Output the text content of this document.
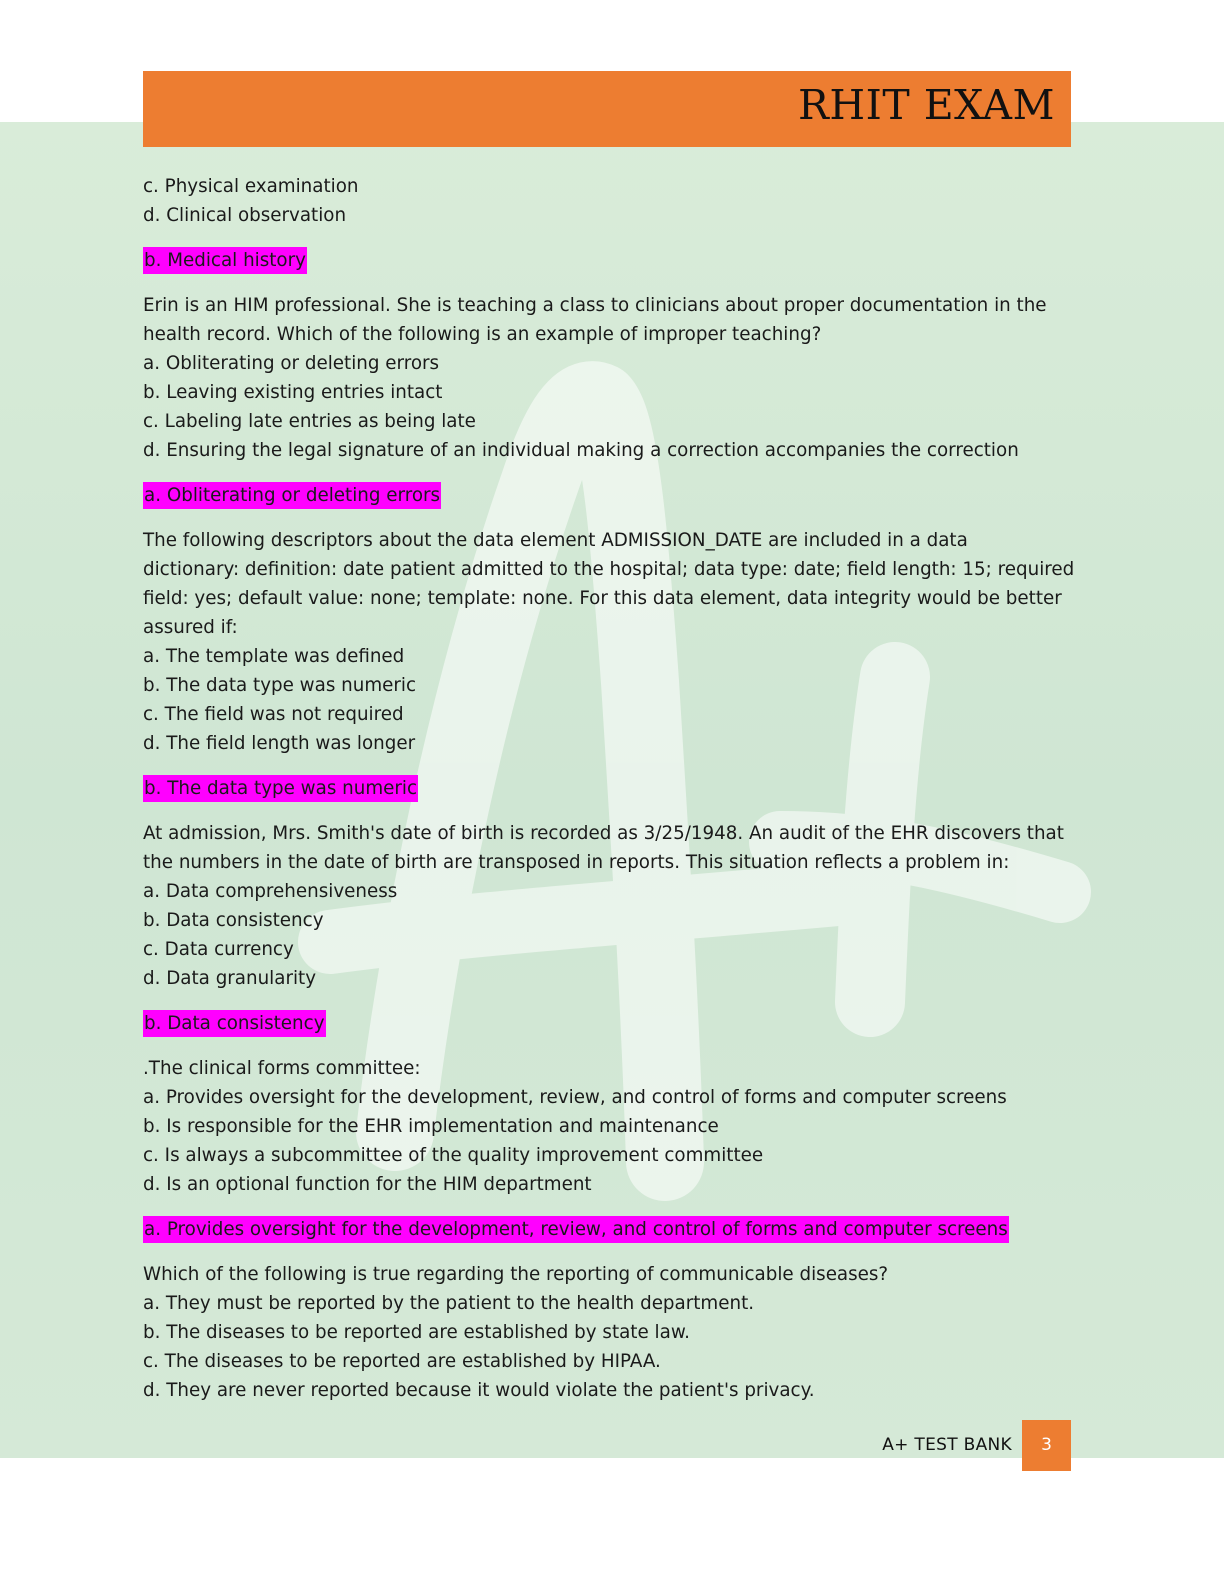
RHIT EXAM
c. Physical examination
d. Clinical observation
b. Medical history
Erin is an HIM professional. She is teaching a class to clinicians about proper documentation in the
health record. Which of the following is an example of improper teaching?
a. Obliterating or deleting errors
b. Leaving existing entries intact
c. Labeling late entries as being late
d. Ensuring the legal signature of an individual making a correction accompanies the correction
a. Obliterating or deleting errors
The following descriptors about the data element ADMISSION_DATE are included in a data
dictionary: definition: date patient admitted to the hospital; data type: date; field length: 15; required
field: yes; default value: none; template: none. For this data element, data integrity would be better
assured if:
a. The template was defined
b. The data type was numeric
c. The field was not required
d. The field length was longer
b. The data type was numeric
At admission, Mrs. Smith's date of birth is recorded as 3/25/1948. An audit of the EHR discovers that
the numbers in the date of birth are transposed in reports. This situation reflects a problem in:
a. Data comprehensiveness
b. Data consistency
c. Data currency
d. Data granularity
b. Data consistency
.The clinical forms committee:
a. Provides oversight for the development, review, and control of forms and computer screens
b. Is responsible for the EHR implementation and maintenance
c. Is always a subcommittee of the quality improvement committee
d. Is an optional function for the HIM department
a. Provides oversight for the development, review, and control of forms and computer screens
Which of the following is true regarding the reporting of communicable diseases?
a. They must be reported by the patient to the health department.
b. The diseases to be reported are established by state law.
c. The diseases to be reported are established by HIPAA.
d. They are never reported because it would violate the patient's privacy.
A+ TEST BANK	3
